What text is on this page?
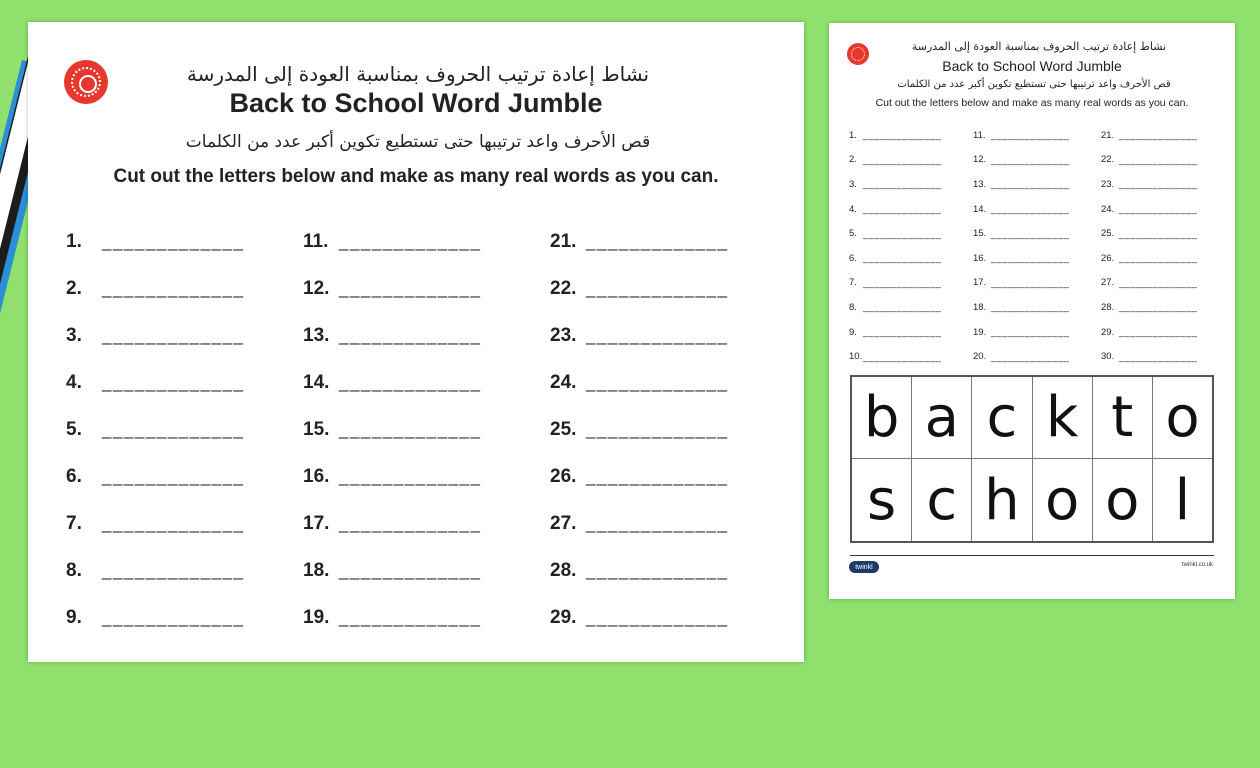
نشاط إعادة ترتيب الحروف بمناسبة العودة إلى المدرسة
Back to School Word Jumble
قص الأحرف واعد ترتيبها حتى تستطيع تكوين أكبر عدد من الكلمات
Cut out the letters below and make as many real words as you can.
1.	_____________
2.	_____________
3.	_____________
4.	_____________
5.	_____________
6.	_____________
7.	_____________
8.	_____________
9.	_____________
11. _____________
12. _____________
13. _____________
14. _____________
15. _____________
16. _____________
17. _____________
18. _____________
19. _____________
21. _____________
22. _____________
23. _____________
24. _____________
25. _____________
26. _____________
27. _____________
28. _____________
29. _____________
نشاط إعادة ترتيب الحروف بمناسبة العودة إلى المدرسة
Back to School Word Jumble
قص الأحرف واعد ترتيبها حتى تستطيع تكوين أكبر عدد من الكلمات
Cut out the letters below and make as many real words as you can.
1. ______________
2. ______________
3. ______________
4. ______________
5. ______________
6. ______________
7. ______________
8. ______________
9. ______________
10. ______________
11. ______________
12. ______________
13. ______________
14. ______________
15. ______________
16. ______________
17. ______________
18. ______________
19. ______________
20. ______________
21. ______________
22. ______________
23. ______________
24. ______________
25. ______________
26. ______________
27. ______________
28. ______________
29. ______________
30. ______________
b a c k t o
s c h o o l
twinkl	twinkl.co.uk
